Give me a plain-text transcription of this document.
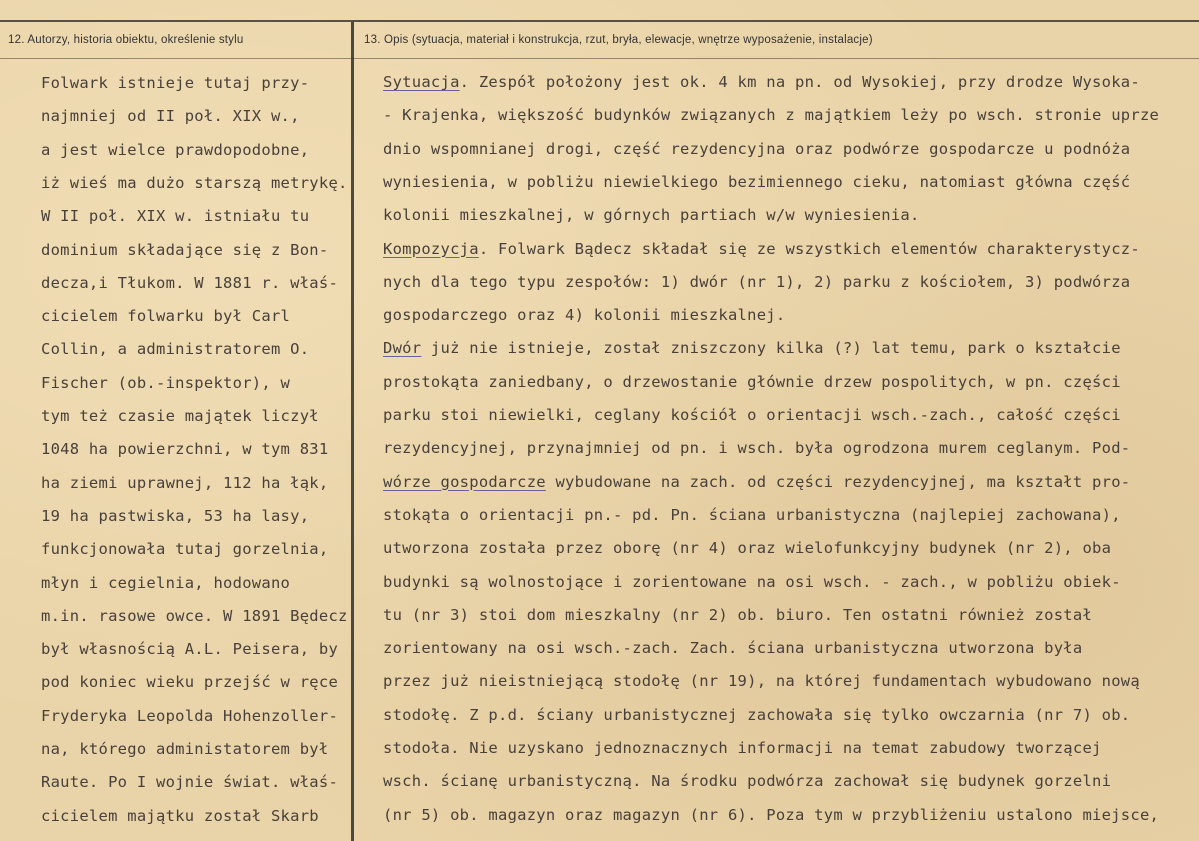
12. Autorzy, historia obiektu, określenie stylu	13. Opis (sytuacja, materiał i konstrukcja, rzut, bryła, elewacje, wnętrze wyposażenie, instalacje)
Folwark istnieje tutaj przy-
najmniej od II poł. XIX w.,
a jest wielce prawdopodobne,
iż wieś ma dużo starszą metrykę.
W II poł. XIX w. istniału tu
dominium składające się z Bon-
decza,i Tłukom. W 1881 r. właś-
cicielem folwarku był Carl
Collin, a administratorem O.
Fischer (ob.-inspektor), w
tym też czasie majątek liczył
1048 ha powierzchni, w tym 831
ha ziemi uprawnej, 112 ha łąk,
19 ha pastwiska, 53 ha lasy,
funkcjonowała tutaj gorzelnia,
młyn i cegielnia, hodowano
m.in. rasowe owce. W 1891 Będecz
był własnością A.L. Peisera, by
pod koniec wieku przejść w ręce
Fryderyka Leopolda Hohenzoller-
na, którego administatorem był
Raute. Po I wojnie świat. właś-
cicielem majątku został Skarb
Sytuacja. Zespół położony jest ok. 4 km na pn. od Wysokiej, przy drodze Wysoka-
- Krajenka, większość budynków związanych z majątkiem leży po wsch. stronie uprze
dnio wspomnianej drogi, część rezydencyjna oraz podwórze gospodarcze u podnóża
wyniesienia, w pobliżu niewielkiego bezimiennego cieku, natomiast główna część
kolonii mieszkalnej, w górnych partiach w/w wyniesienia.
Kompozycja. Folwark Bądecz składał się ze wszystkich elementów charakterystycz-
nych dla tego typu zespołów: 1) dwór (nr 1), 2) parku z kościołem, 3) podwórza
gospodarczego oraz 4) kolonii mieszkalnej.
Dwór już nie istnieje, został zniszczony kilka (?) lat temu, park o kształcie
prostokąta zaniedbany, o drzewostanie głównie drzew pospolitych, w pn. części
parku stoi niewielki, ceglany kościół o orientacji wsch.-zach., całość części
rezydencyjnej, przynajmniej od pn. i wsch. była ogrodzona murem ceglanym. Pod-
wórze gospodarcze wybudowane na zach. od części rezydencyjnej, ma kształt pro-
stokąta o orientacji pn.- pd. Pn. ściana urbanistyczna (najlepiej zachowana),
utworzona została przez oborę (nr 4) oraz wielofunkcyjny budynek (nr 2), oba
budynki są wolnostojące i zorientowane na osi wsch. - zach., w pobliżu obiek-
tu (nr 3) stoi dom mieszkalny (nr 2) ob. biuro. Ten ostatni również został
zorientowany na osi wsch.-zach. Zach. ściana urbanistyczna utworzona była
przez już nieistniejącą stodołę (nr 19), na której fundamentach wybudowano nową
stodołę. Z p.d. ściany urbanistycznej zachowała się tylko owczarnia (nr 7) ob.
stodoła. Nie uzyskano jednoznacznych informacji na temat zabudowy tworzącej
wsch. ścianę urbanistyczną. Na środku podwórza zachował się budynek gorzelni
(nr 5) ob. magazyn oraz magazyn (nr 6). Poza tym w przybliżeniu ustalono miejsce,
